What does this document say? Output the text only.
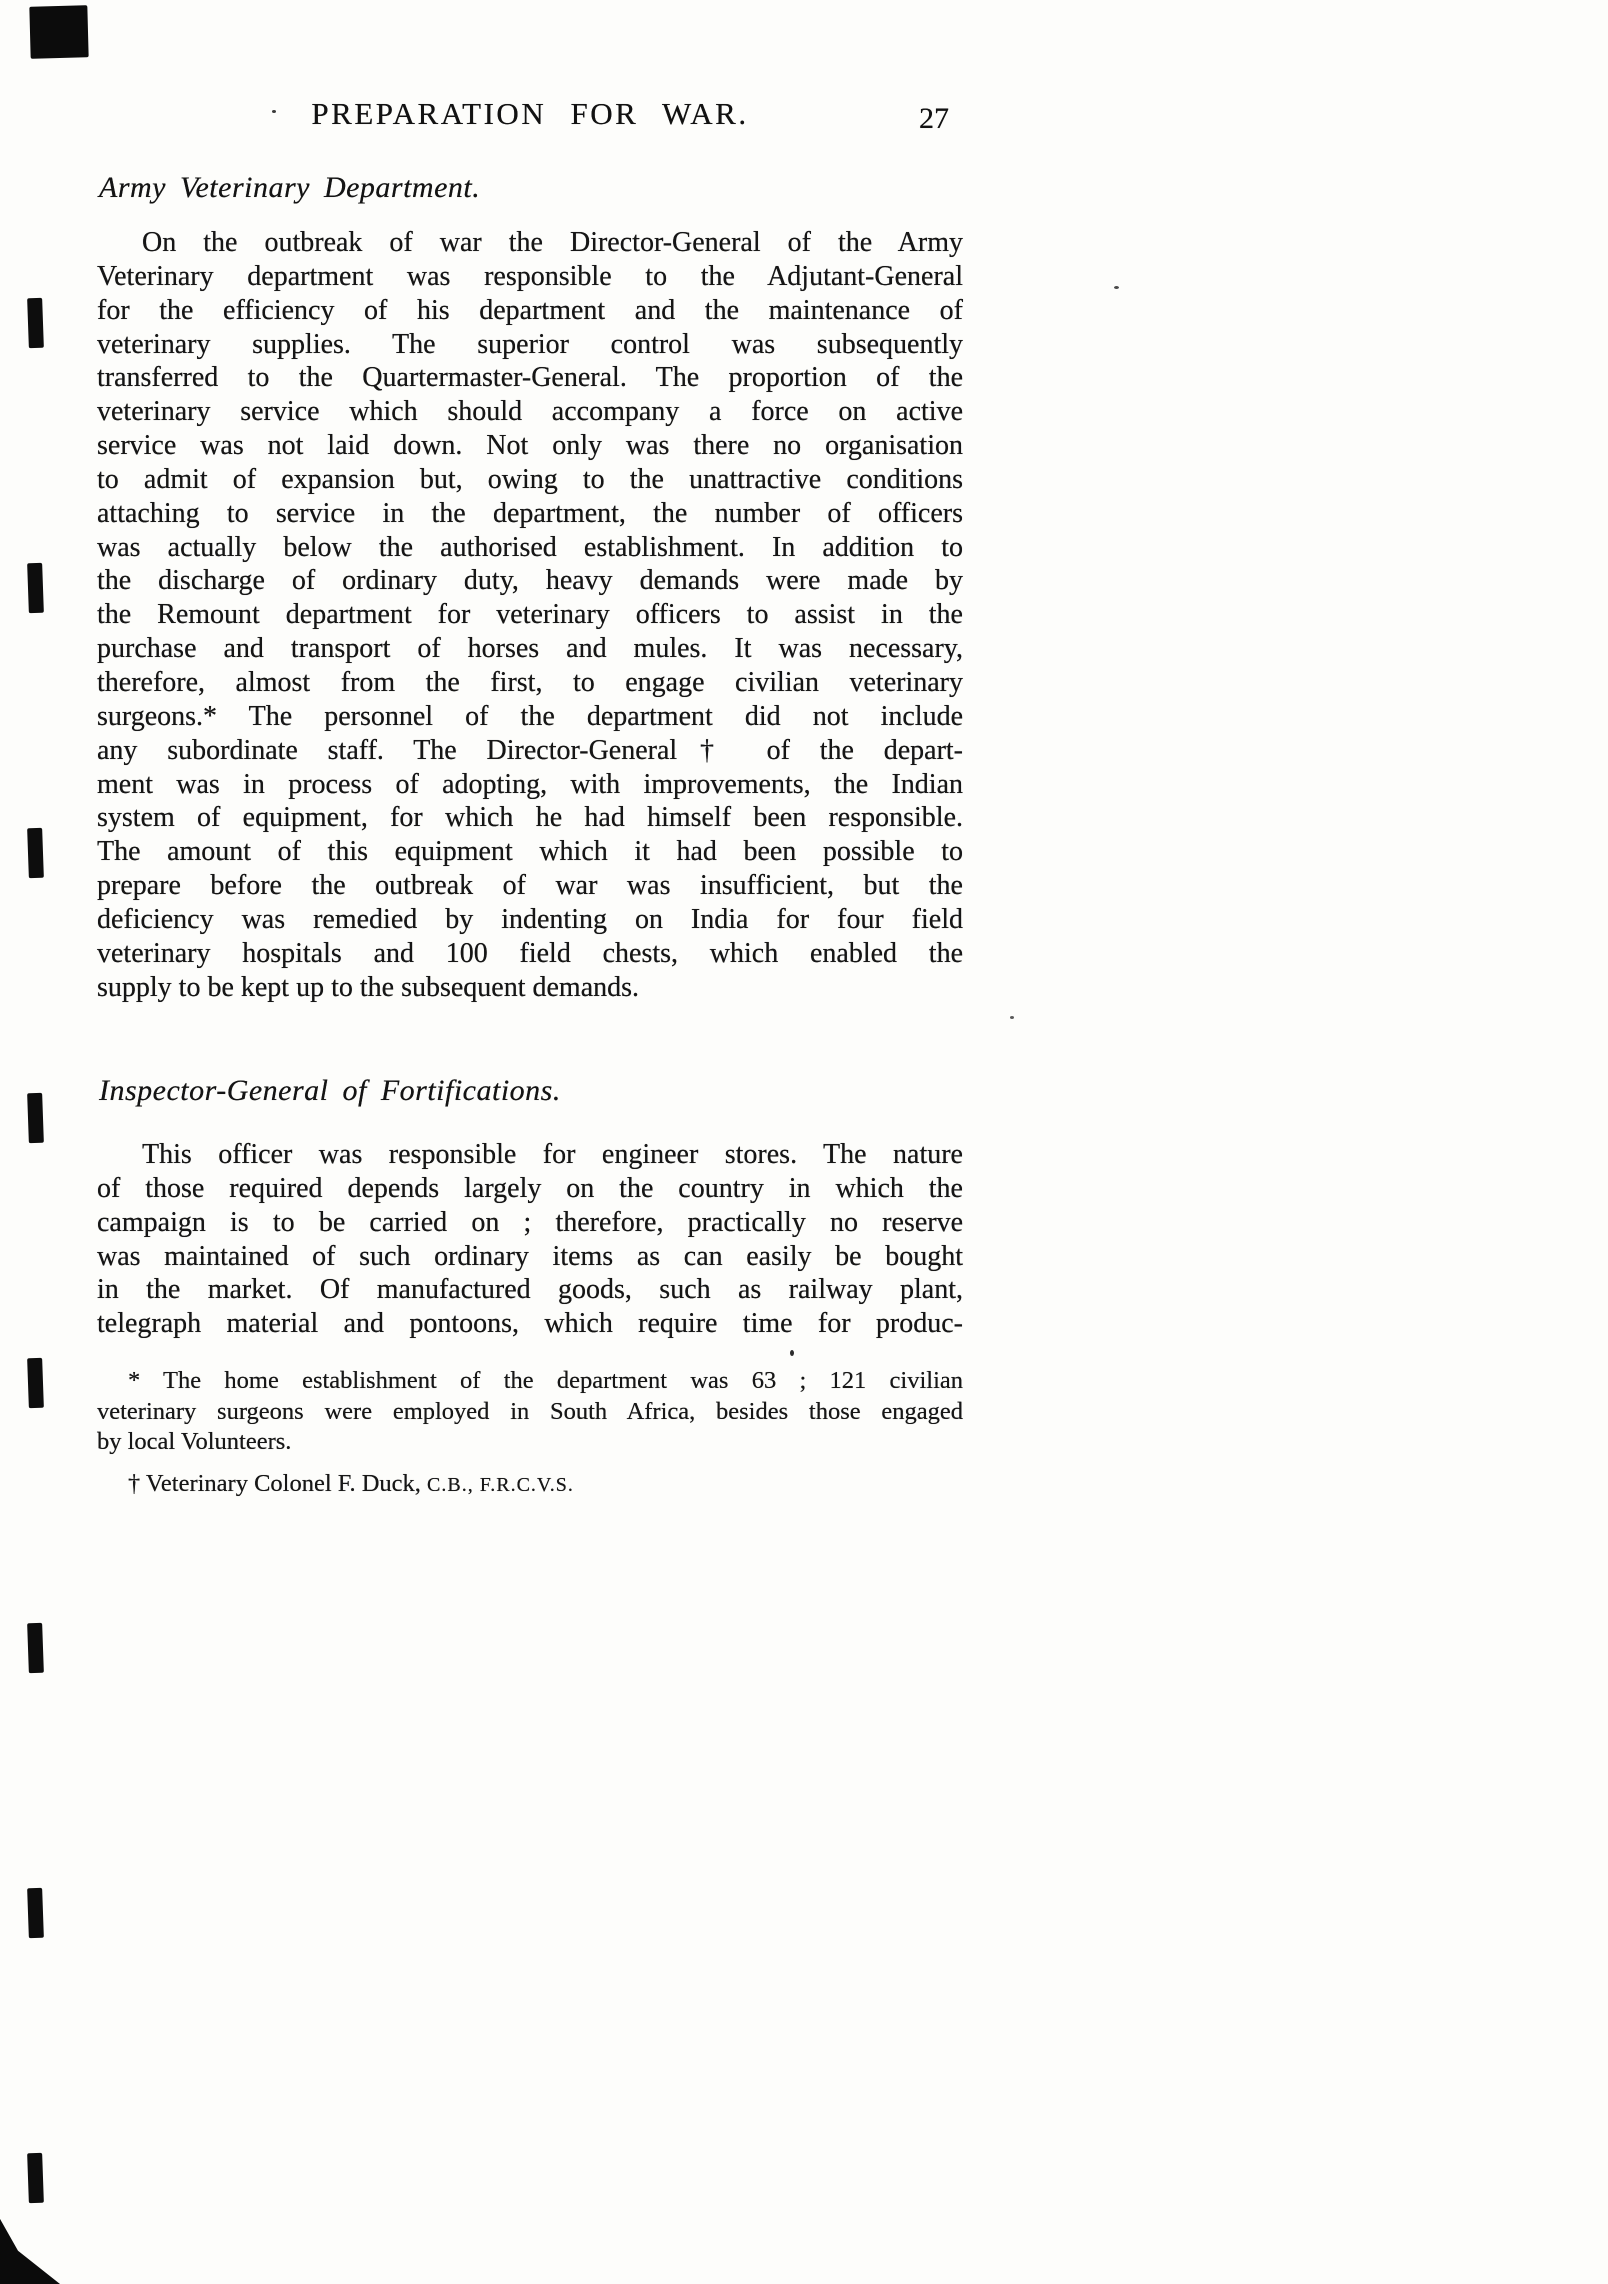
PREPARATION FOR WAR.	27
Army Veterinary Department.
On the outbreak of war the Director-General of the Army
Veterinary department was responsible to the Adjutant-General
for the efficiency of his department and the maintenance of
veterinary supplies. The superior control was subsequently
transferred to the Quartermaster-General. The proportion of the
veterinary service which should accompany a force on active
service was not laid down. Not only was there no organisation
to admit of expansion but, owing to the unattractive conditions
attaching to service in the department, the number of officers
was actually below the authorised establishment. In addition to
the discharge of ordinary duty, heavy demands were made by
the Remount department for veterinary officers to assist in the
purchase and transport of horses and mules. It was necessary,
therefore, almost from the first, to engage civilian veterinary
surgeons.* The personnel of the department did not include
any subordinate staff. The Director-General† of the depart-
ment was in process of adopting, with improvements, the Indian
system of equipment, for which he had himself been responsible.
The amount of this equipment which it had been possible to
prepare before the outbreak of war was insufficient, but the
deficiency was remedied by indenting on India for four field
veterinary hospitals and 100 field chests, which enabled the
supply to be kept up to the subsequent demands.
Inspector-General of Fortifications.
This officer was responsible for engineer stores. The nature
of those required depends largely on the country in which the
campaign is to be carried on ; therefore, practically no reserve
was maintained of such ordinary items as can easily be bought
in the market. Of manufactured goods, such as railway plant,
telegraph material and pontoons, which require time for produc-
* The home establishment of the department was 63 ; 121 civilian
veterinary surgeons were employed in South Africa, besides those engaged
by local Volunteers.
† Veterinary Colonel F. Duck, C.B., F.R.C.V.S.
